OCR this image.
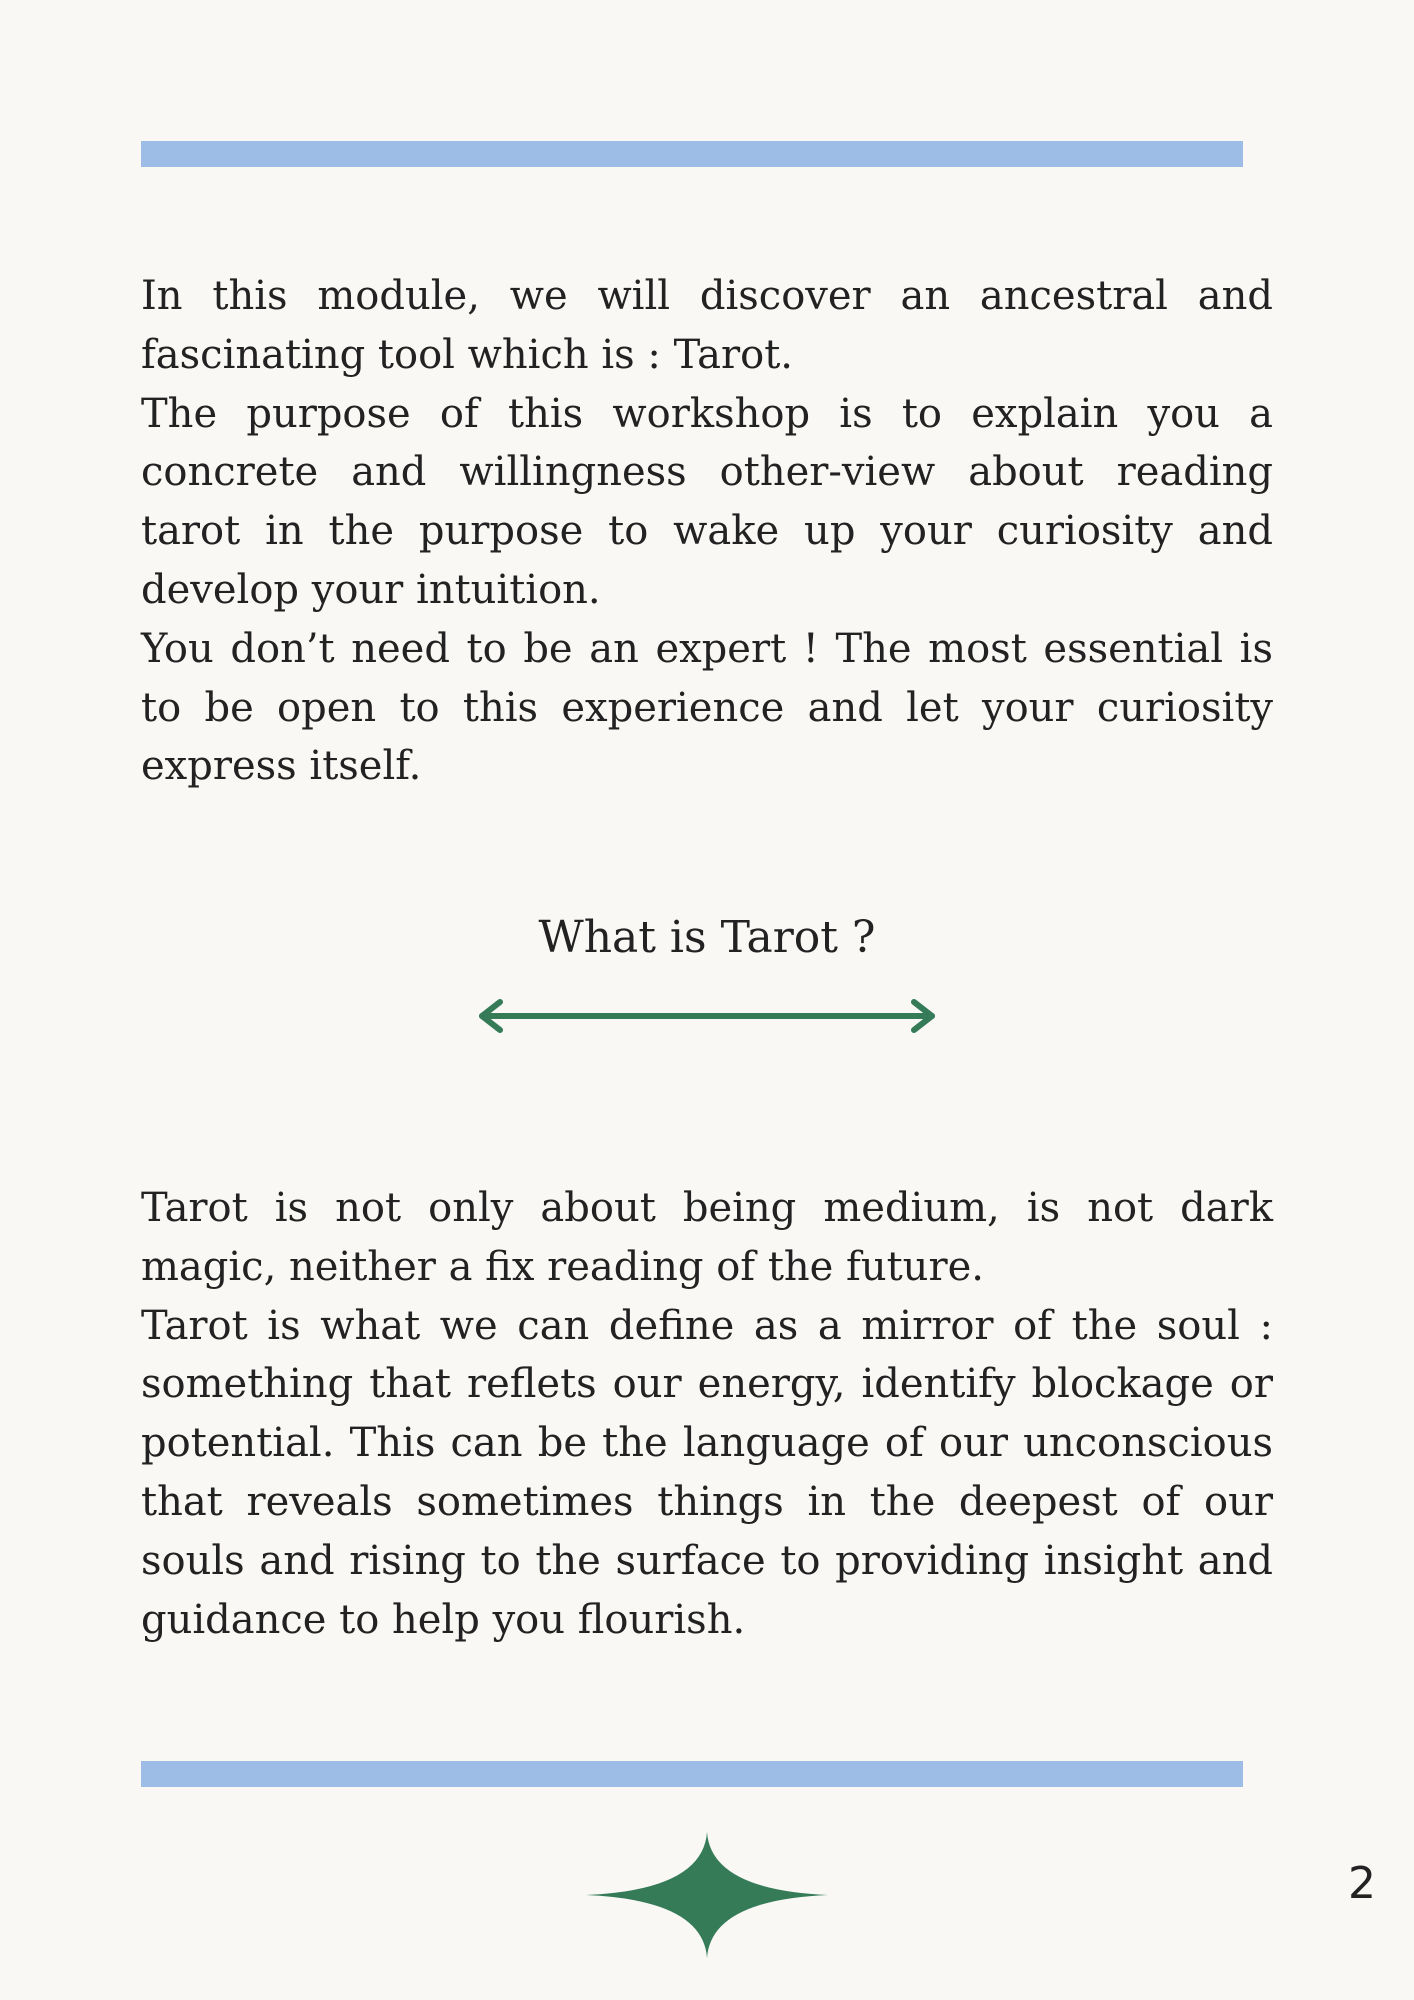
In this module, we will discover an ancestral and fascinating tool which is : Tarot.

The purpose of this workshop is to explain you a concrete and willingness other-view about reading tarot in the purpose to wake up your curiosity and develop your intuition.

You don’t need to be an expert ! The most essential is to be open to this experience and let your curiosity express itself.

What is Tarot ?

Tarot is not only about being medium, is not dark magic, neither a fix reading of the future.

Tarot is what we can define as a mirror of the soul : something that reflets our energy, identify blockage or potential. This can be the language of our unconscious that reveals sometimes things in the deepest of our souls and rising to the surface to providing insight and guidance to help you flourish.

2
